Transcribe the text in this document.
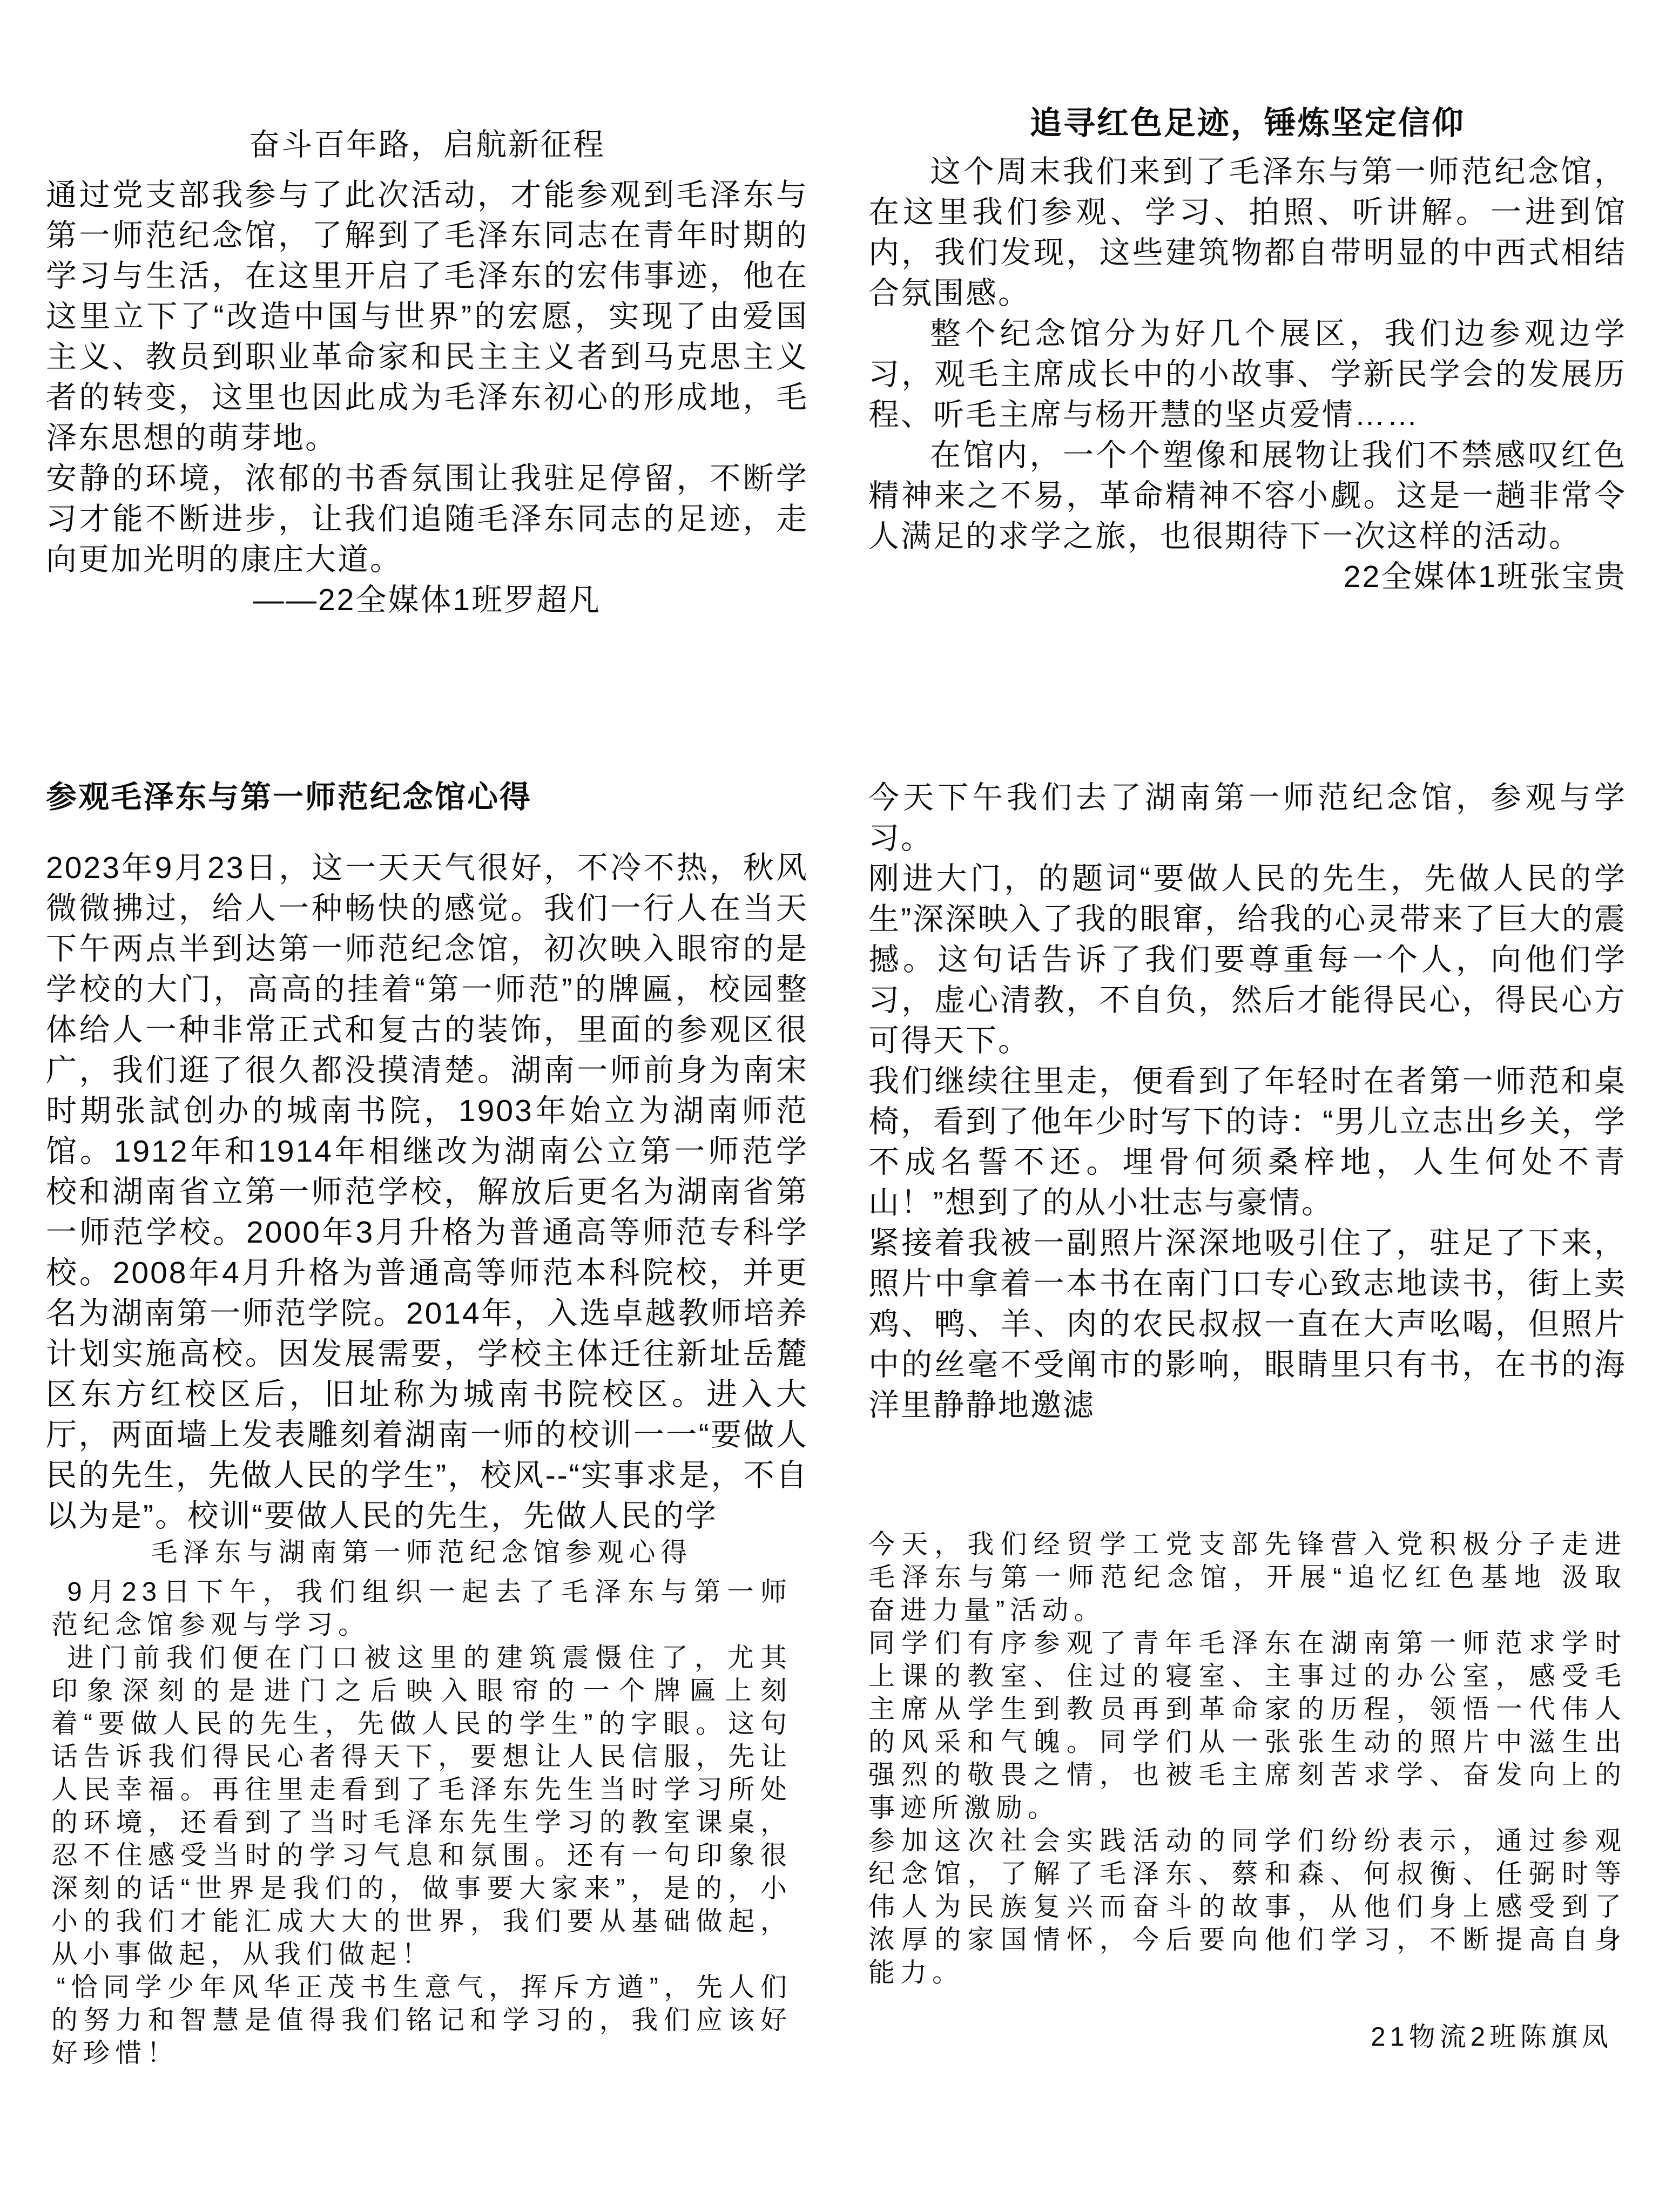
奋斗百年路，启航新征程

通过党支部我参与了此次活动，才能参观到毛泽东与第一师范纪念馆，了解到了毛泽东同志在青年时期的学习与生活，在这里开启了毛泽东的宏伟事迹，他在这里立下了“改造中国与世界”的宏愿，实现了由爱国主义、教员到职业革命家和民主主义者到马克思主义者的转变，这里也因此成为毛泽东初心的形成地，毛泽东思想的萌芽地。

安静的环境，浓郁的书香氛围让我驻足停留，不断学习才能不断进步，让我们追随毛泽东同志的足迹，走向更加光明的康庄大道。

——22全媒体1班罗超凡
追寻红色足迹，锤炼坚定信仰

这个周末我们来到了毛泽东与第一师范纪念馆，在这里我们参观、学习、拍照、听讲解。一进到馆内，我们发现，这些建筑物都自带明显的中西式相结合氛围感。

整个纪念馆分为好几个展区，我们边参观边学习，观毛主席成长中的小故事、学新民学会的发展历程、听毛主席与杨开慧的坚贞爱情……

在馆内，一个个塑像和展物让我们不禁感叹红色精神来之不易，革命精神不容小觑。这是一趟非常令人满足的求学之旅，也很期待下一次这样的活动。

22全媒体1班张宝贵
参观毛泽东与第一师范纪念馆心得

2023年9月23日，这一天天气很好，不冷不热，秋风微微拂过，给人一种畅快的感觉。我们一行人在当天下午两点半到达第一师范纪念馆，初次映入眼帘的是学校的大门，高高的挂着“第一师范”的牌匾，校园整体给人一种非常正式和复古的装饰，里面的参观区很广，我们逛了很久都没摸清楚。湖南一师前身为南宋时期张試创办的城南书院，1903年始立为湖南师范馆。1912年和1914年相继改为湖南公立第一师范学校和湖南省立第一师范学校，解放后更名为湖南省第一师范学校。2000年3月升格为普通高等师范专科学校。2008年4月升格为普通高等师范本科院校，并更名为湖南第一师范学院。2014年，入选卓越教师培养计划实施高校。因发展需要，学校主体迁往新址岳麓区东方红校区后，旧址称为城南书院校区。进入大厅，两面墙上发表雕刻着湖南一师的校训一一“要做人民的先生，先做人民的学生”，校风--“实事求是，不自以为是”。校训“要做人民的先生，先做人民的学

今天下午我们去了湖南第一师范纪念馆，参观与学习。

刚进大门，的题词“要做人民的先生，先做人民的学生”深深映入了我的眼窜，给我的心灵带来了巨大的震撼。这句话告诉了我们要尊重每一个人，向他们学习，虚心清教，不自负，然后才能得民心，得民心方可得天下。

我们继续往里走，便看到了年轻时在者第一师范和桌椅，看到了他年少时写下的诗：“男儿立志出乡关，学不成名誓不还。埋骨何须桑梓地，人生何处不青山！”想到了的从小壮志与豪情。

紧接着我被一副照片深深地吸引住了，驻足了下来，照片中拿着一本书在南门口专心致志地读书，街上卖鸡、鸭、羊、肉的农民叔叔一直在大声吆喝，但照片中的丝毫不受阐市的影响，眼睛里只有书，在书的海洋里静静地邀滤

毛泽东与湖南第一师范纪念馆参观心得

9月23日下午，我们组织一起去了毛泽东与第一师范纪念馆参观与学习。

进门前我们便在门口被这里的建筑震慑住了，尤其印象深刻的是进门之后映入眼帘的一个牌匾上刻着“要做人民的先生，先做人民的学生”的字眼。这句话告诉我们得民心者得天下，要想让人民信服，先让人民幸福。再往里走看到了毛泽东先生当时学习所处的环境，还看到了当时毛泽东先生学习的教室课桌，忍不住感受当时的学习气息和氛围。还有一句印象很深刻的话“世界是我们的，做事要大家来”，是的，小小的我们才能汇成大大的世界，我们要从基础做起，从小事做起，从我们做起！

“恰同学少年风华正茂书生意气，挥斥方遒”，先人们的努力和智慧是值得我们铭记和学习的，我们应该好好珍惜！

今天，我们经贸学工党支部先锋营入党积极分子走进毛泽东与第一师范纪念馆，开展“追忆红色基地 汲取奋进力量”活动。

同学们有序参观了青年毛泽东在湖南第一师范求学时上课的教室、住过的寝室、主事过的办公室，感受毛主席从学生到教员再到革命家的历程，领悟一代伟人的风采和气魄。同学们从一张张生动的照片中滋生出强烈的敬畏之情，也被毛主席刻苦求学、奋发向上的事迹所激励。

参加这次社会实践活动的同学们纷纷表示，通过参观纪念馆，了解了毛泽东、蔡和森、何叔衡、任弼时等伟人为民族复兴而奋斗的故事，从他们身上感受到了浓厚的家国情怀，今后要向他们学习，不断提高自身能力。

21物流2班陈旗凤
